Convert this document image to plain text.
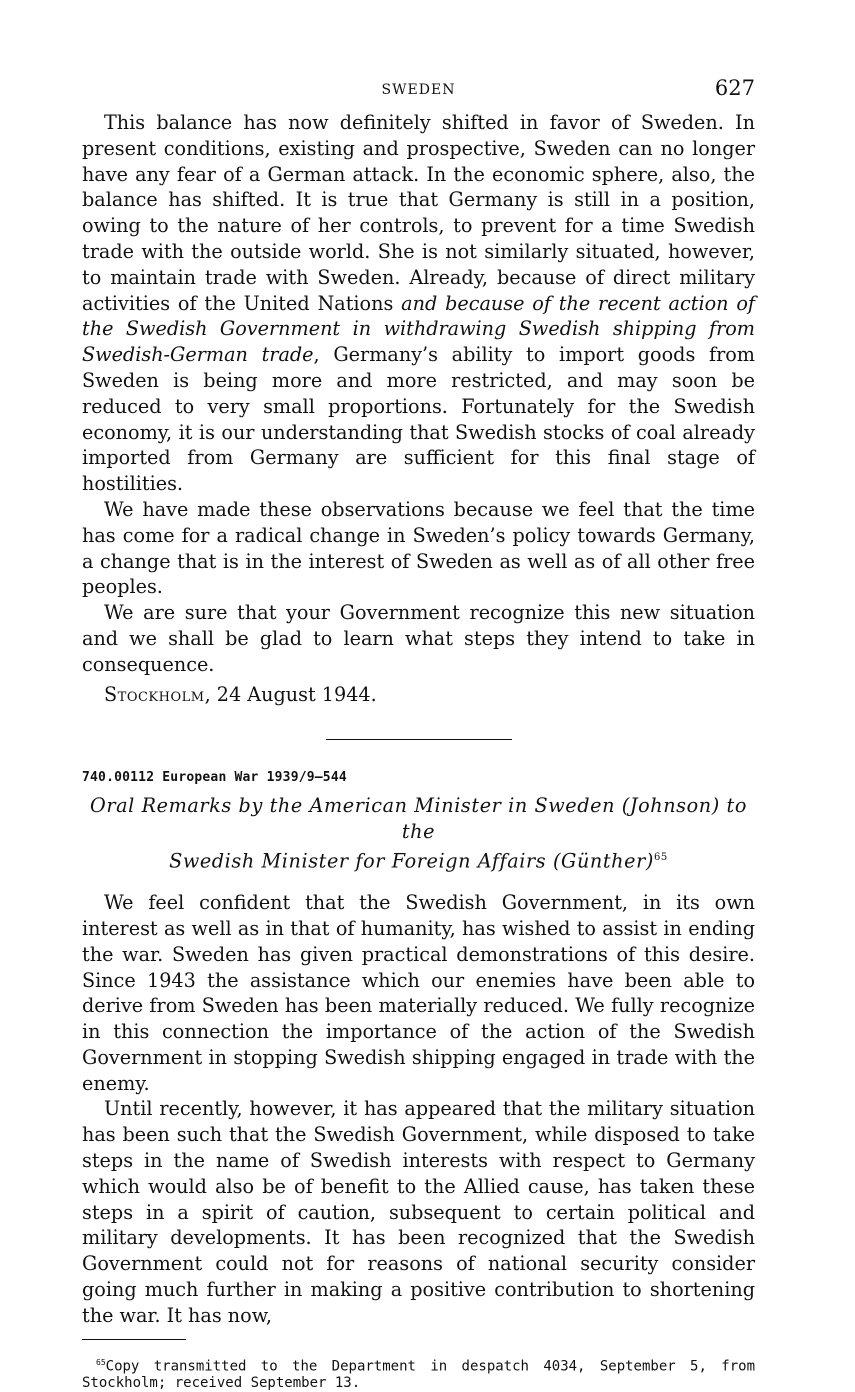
SWEDEN	627

This balance has now definitely shifted in favor of Sweden. In present conditions, existing and prospective, Sweden can no longer have any fear of a German attack. In the economic sphere, also, the balance has shifted. It is true that Germany is still in a position, owing to the nature of her controls, to prevent for a time Swedish trade with the outside world. She is not similarly situated, however, to maintain trade with Sweden. Already, because of direct military activities of the United Nations and because of the recent action of the Swedish Government in withdrawing Swedish shipping from Swedish-German trade, Germany’s ability to import goods from Sweden is being more and more restricted, and may soon be reduced to very small proportions. Fortunately for the Swedish economy, it is our understanding that Swedish stocks of coal already imported from Germany are sufficient for this final stage of hostilities.

We have made these observations because we feel that the time has come for a radical change in Sweden’s policy towards Germany, a change that is in the interest of Sweden as well as of all other free peoples.

We are sure that your Government recognize this new situation and we shall be glad to learn what steps they intend to take in consequence.

Stockholm, 24 August 1944.

740.00112 European War 1939/9–544
Oral Remarks by the American Minister in Sweden (Johnson) to the
Swedish Minister for Foreign Affairs (Günther)$^{65}$

We feel confident that the Swedish Government, in its own interest as well as in that of humanity, has wished to assist in ending the war. Sweden has given practical demonstrations of this desire. Since 1943 the assistance which our enemies have been able to derive from Sweden has been materially reduced. We fully recognize in this connection the importance of the action of the Swedish Government in stopping Swedish shipping engaged in trade with the enemy.

Until recently, however, it has appeared that the military situation has been such that the Swedish Government, while disposed to take steps in the name of Swedish interests with respect to Germany which would also be of benefit to the Allied cause, has taken these steps in a spirit of caution, subsequent to certain political and military developments. It has been recognized that the Swedish Government could not for reasons of national security consider going much further in making a positive contribution to shortening the war. It has now,

$^{65}$Copy transmitted to the Department in despatch 4034, September 5, from Stockholm; received September 13.
